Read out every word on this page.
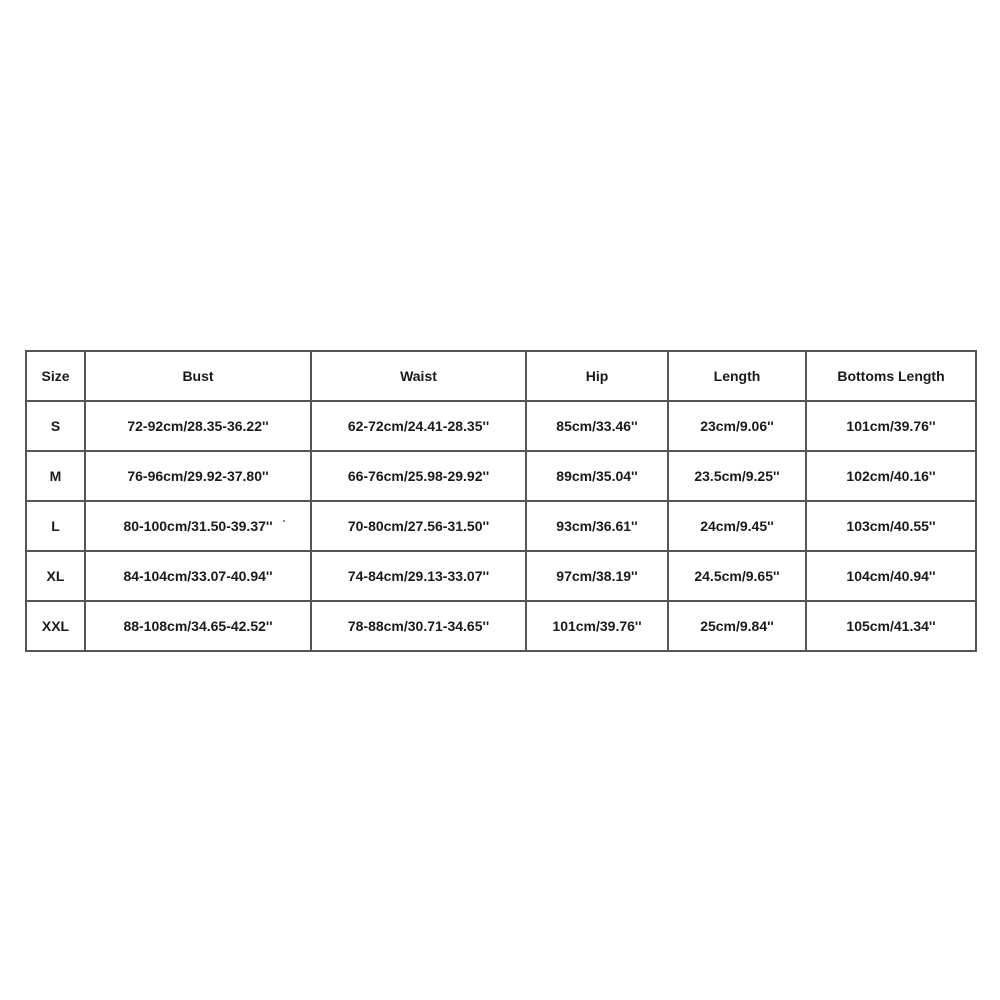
Size	Bust	Waist	Hip	Length	Bottoms Length
S	72-92cm/28.35-36.22''	62-72cm/24.41-28.35''	85cm/33.46''	23cm/9.06''	101cm/39.76''
M	76-96cm/29.92-37.80''	66-76cm/25.98-29.92''	89cm/35.04''	23.5cm/9.25''	102cm/40.16''
L	80-100cm/31.50-39.37''	70-80cm/27.56-31.50''	93cm/36.61''	24cm/9.45''	103cm/40.55''
XL	84-104cm/33.07-40.94''	74-84cm/29.13-33.07''	97cm/38.19''	24.5cm/9.65''	104cm/40.94''
XXL	88-108cm/34.65-42.52''	78-88cm/30.71-34.65''	101cm/39.76''	25cm/9.84''	105cm/41.34''
